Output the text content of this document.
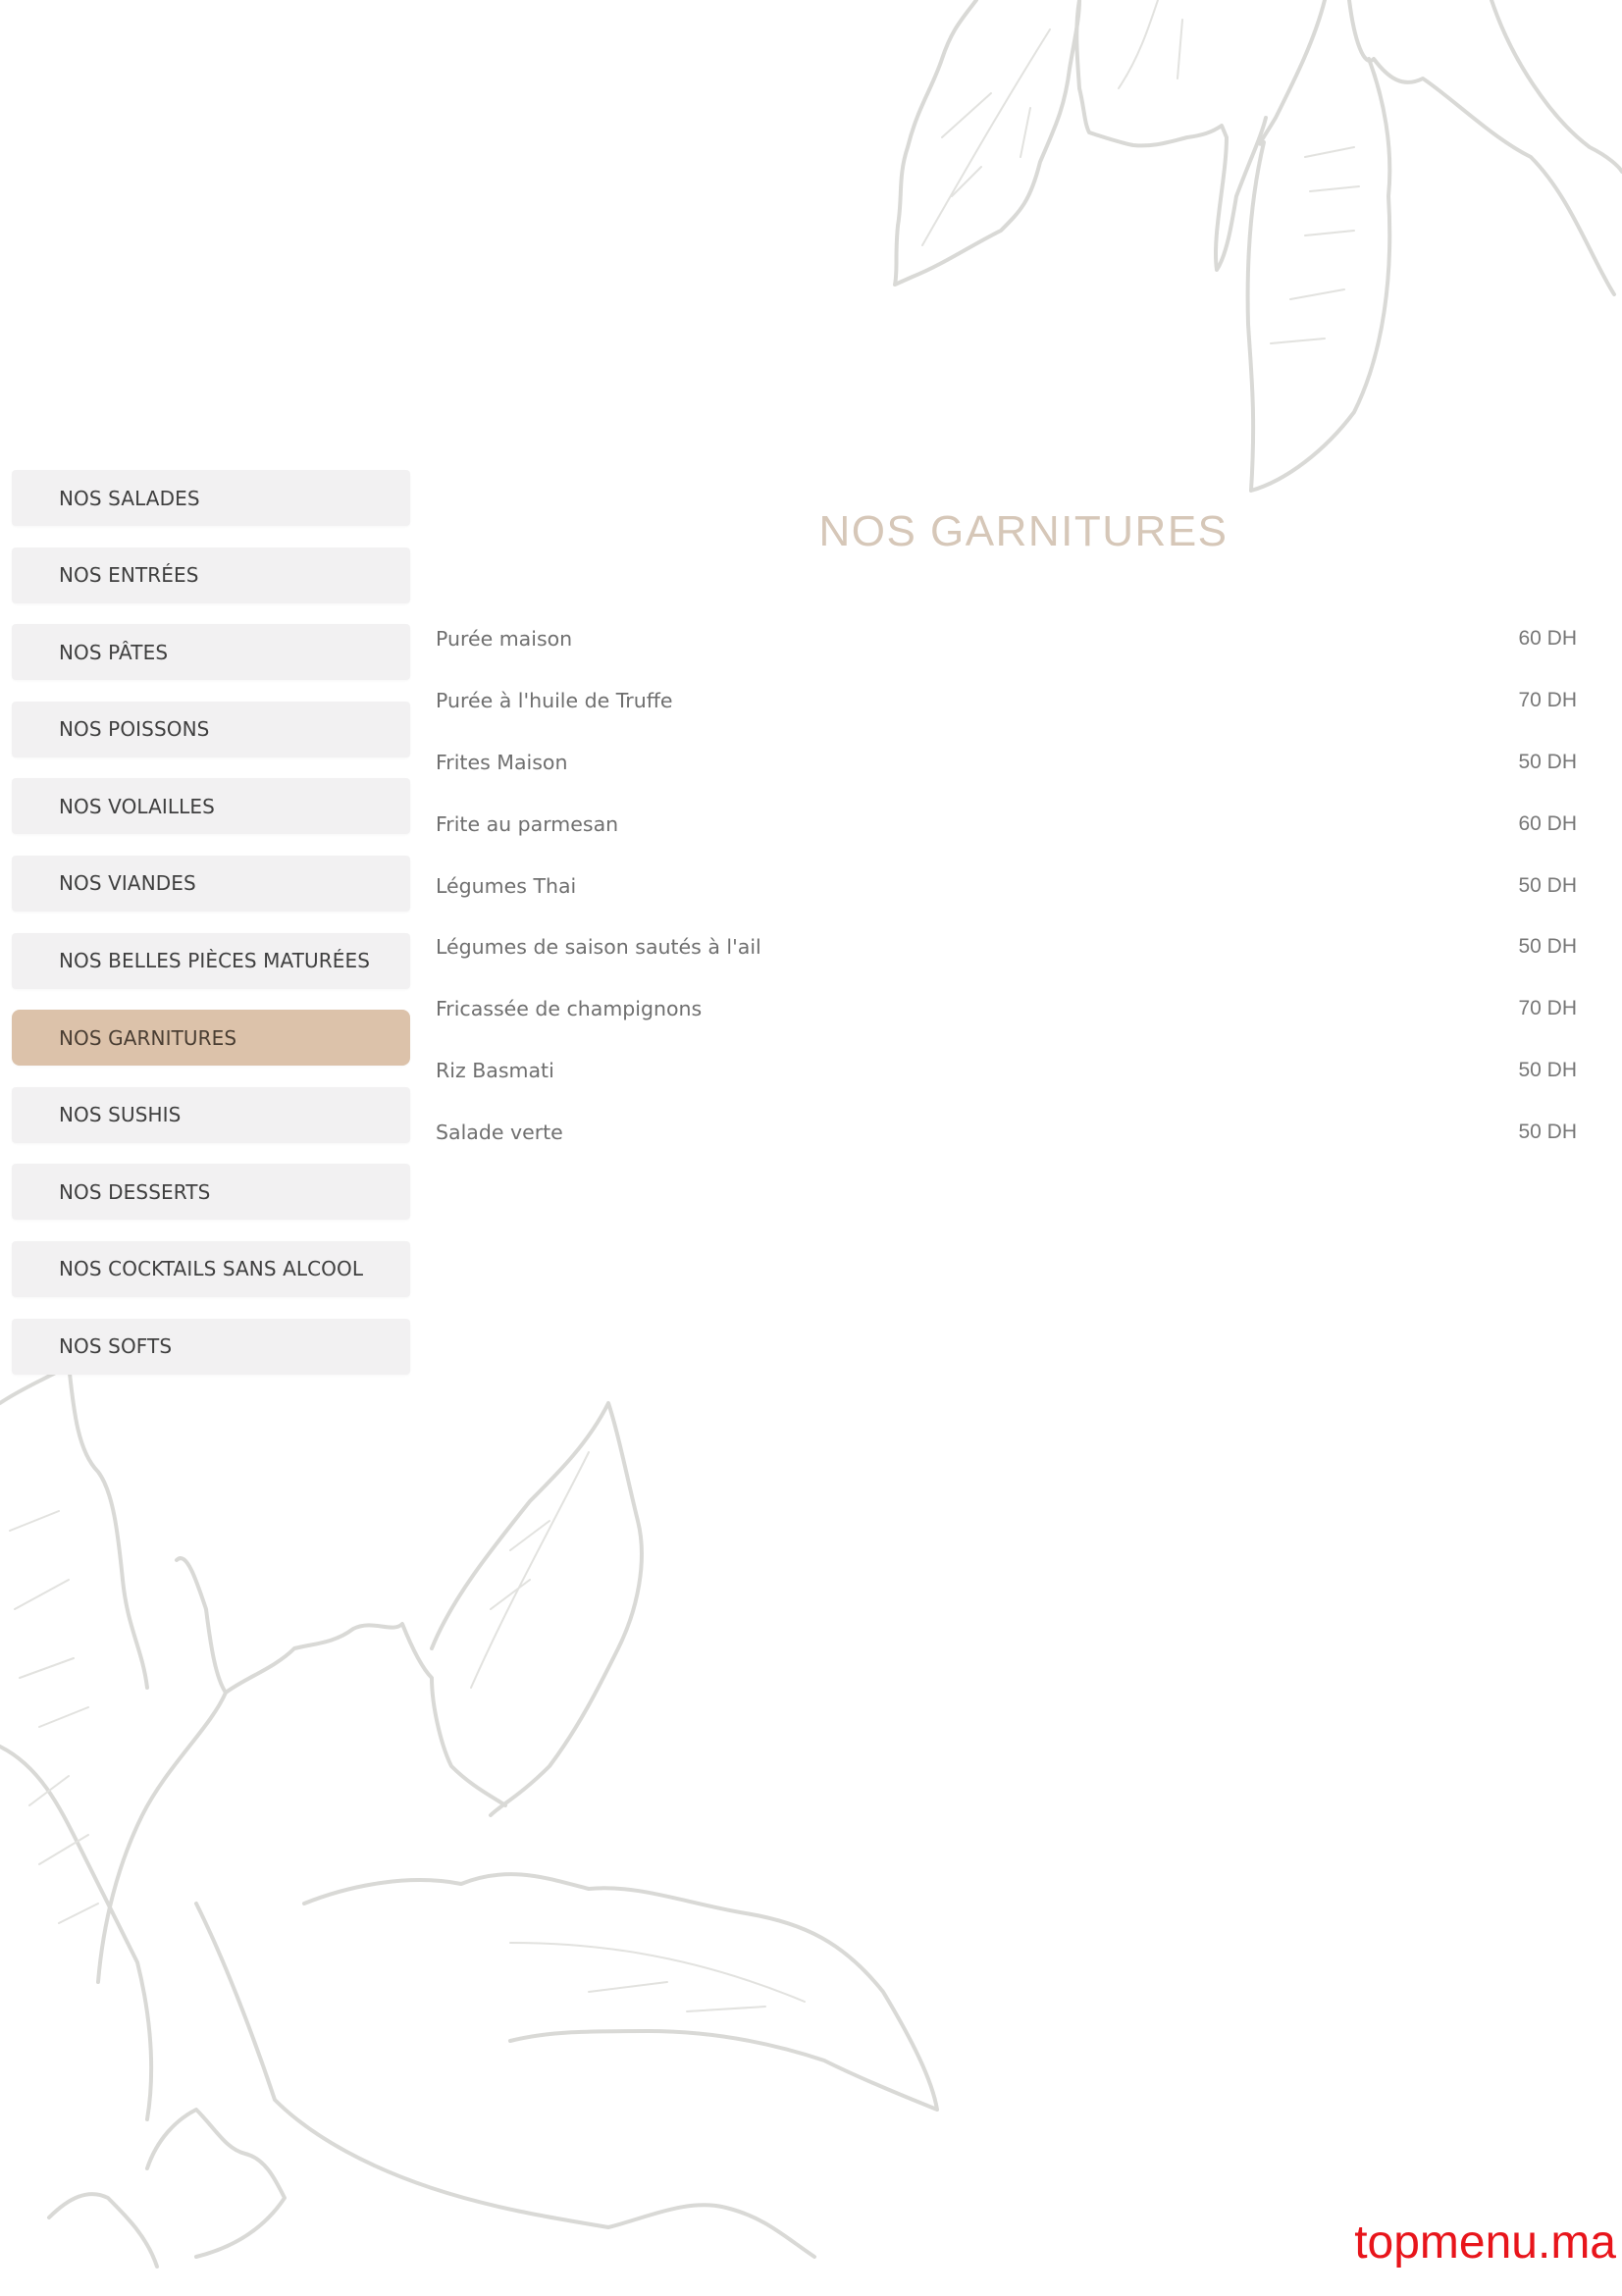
NOS SALADES
NOS ENTRÉES
NOS PÂTES
NOS POISSONS
NOS VOLAILLES
NOS VIANDES
NOS BELLES PIÈCES MATURÉES
NOS GARNITURES
NOS SUSHIS
NOS DESSERTS
NOS COCKTAILS SANS ALCOOL
NOS SOFTS
NOS GARNITURES
Purée maison	60 DH
Purée à l'huile de Truffe	70 DH
Frites Maison	50 DH
Frite au parmesan	60 DH
Légumes Thai	50 DH
Légumes de saison sautés à l'ail	50 DH
Fricassée de champignons	70 DH
Riz Basmati	50 DH
Salade verte	50 DH
topmenu.ma
